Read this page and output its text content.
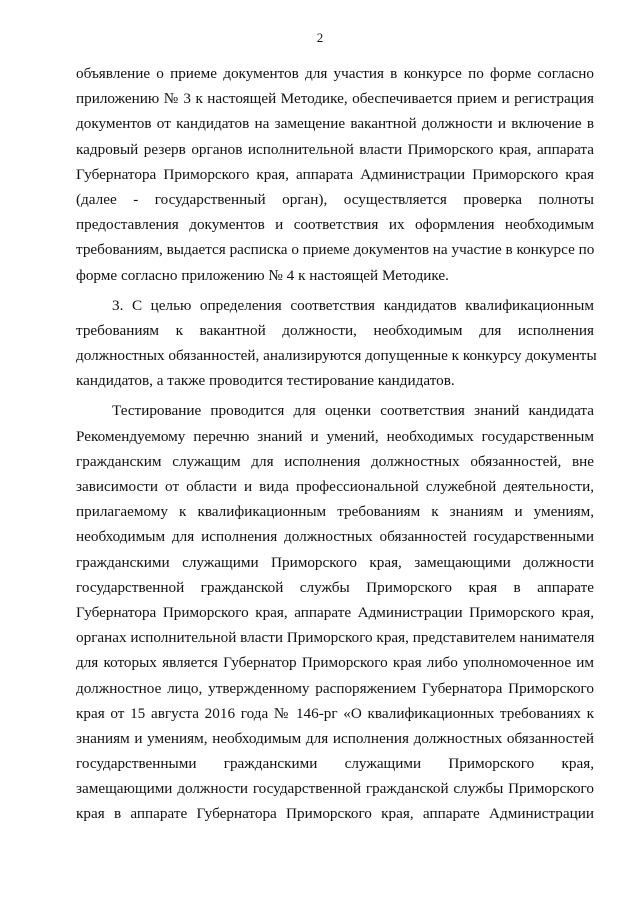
2
объявление о приеме документов для участия в конкурсе по форме согласно
приложению № 3 к настоящей Методике, обеспечивается прием и регистрация
документов от кандидатов на замещение вакантной должности и включение в
кадровый резерв органов исполнительной власти Приморского края, аппарата
Губернатора Приморского края, аппарата Администрации Приморского края
(далее - государственный орган), осуществляется проверка полноты
предоставления документов и соответствия их оформления необходимым
требованиям, выдается расписка о приеме документов на участие в конкурсе по
форме согласно приложению № 4 к настоящей Методике.
3. С целью определения соответствия кандидатов квалификационным
требованиям к вакантной должности, необходимым для исполнения
должностных обязанностей, анализируются допущенные к конкурсу документы
кандидатов, а также проводится тестирование кандидатов.
Тестирование проводится для оценки соответствия знаний кандидата
Рекомендуемому перечню знаний и умений, необходимых государственным
гражданским служащим для исполнения должностных обязанностей, вне
зависимости от области и вида профессиональной служебной деятельности,
прилагаемому к квалификационным требованиям к знаниям и умениям,
необходимым для исполнения должностных обязанностей государственными
гражданскими служащими Приморского края, замещающими должности
государственной гражданской службы Приморского края в аппарате
Губернатора Приморского края, аппарате Администрации Приморского края,
органах исполнительной власти Приморского края, представителем нанимателя
для которых является Губернатор Приморского края либо уполномоченное им
должностное лицо, утвержденному распоряжением Губернатора Приморского
края от 15 августа 2016 года № 146-рг «О квалификационных требованиях к
знаниям и умениям, необходимым для исполнения должностных обязанностей
государственными гражданскими служащими Приморского края,
замещающими должности государственной гражданской службы Приморского
края в аппарате Губернатора Приморского края, аппарате Администрации
